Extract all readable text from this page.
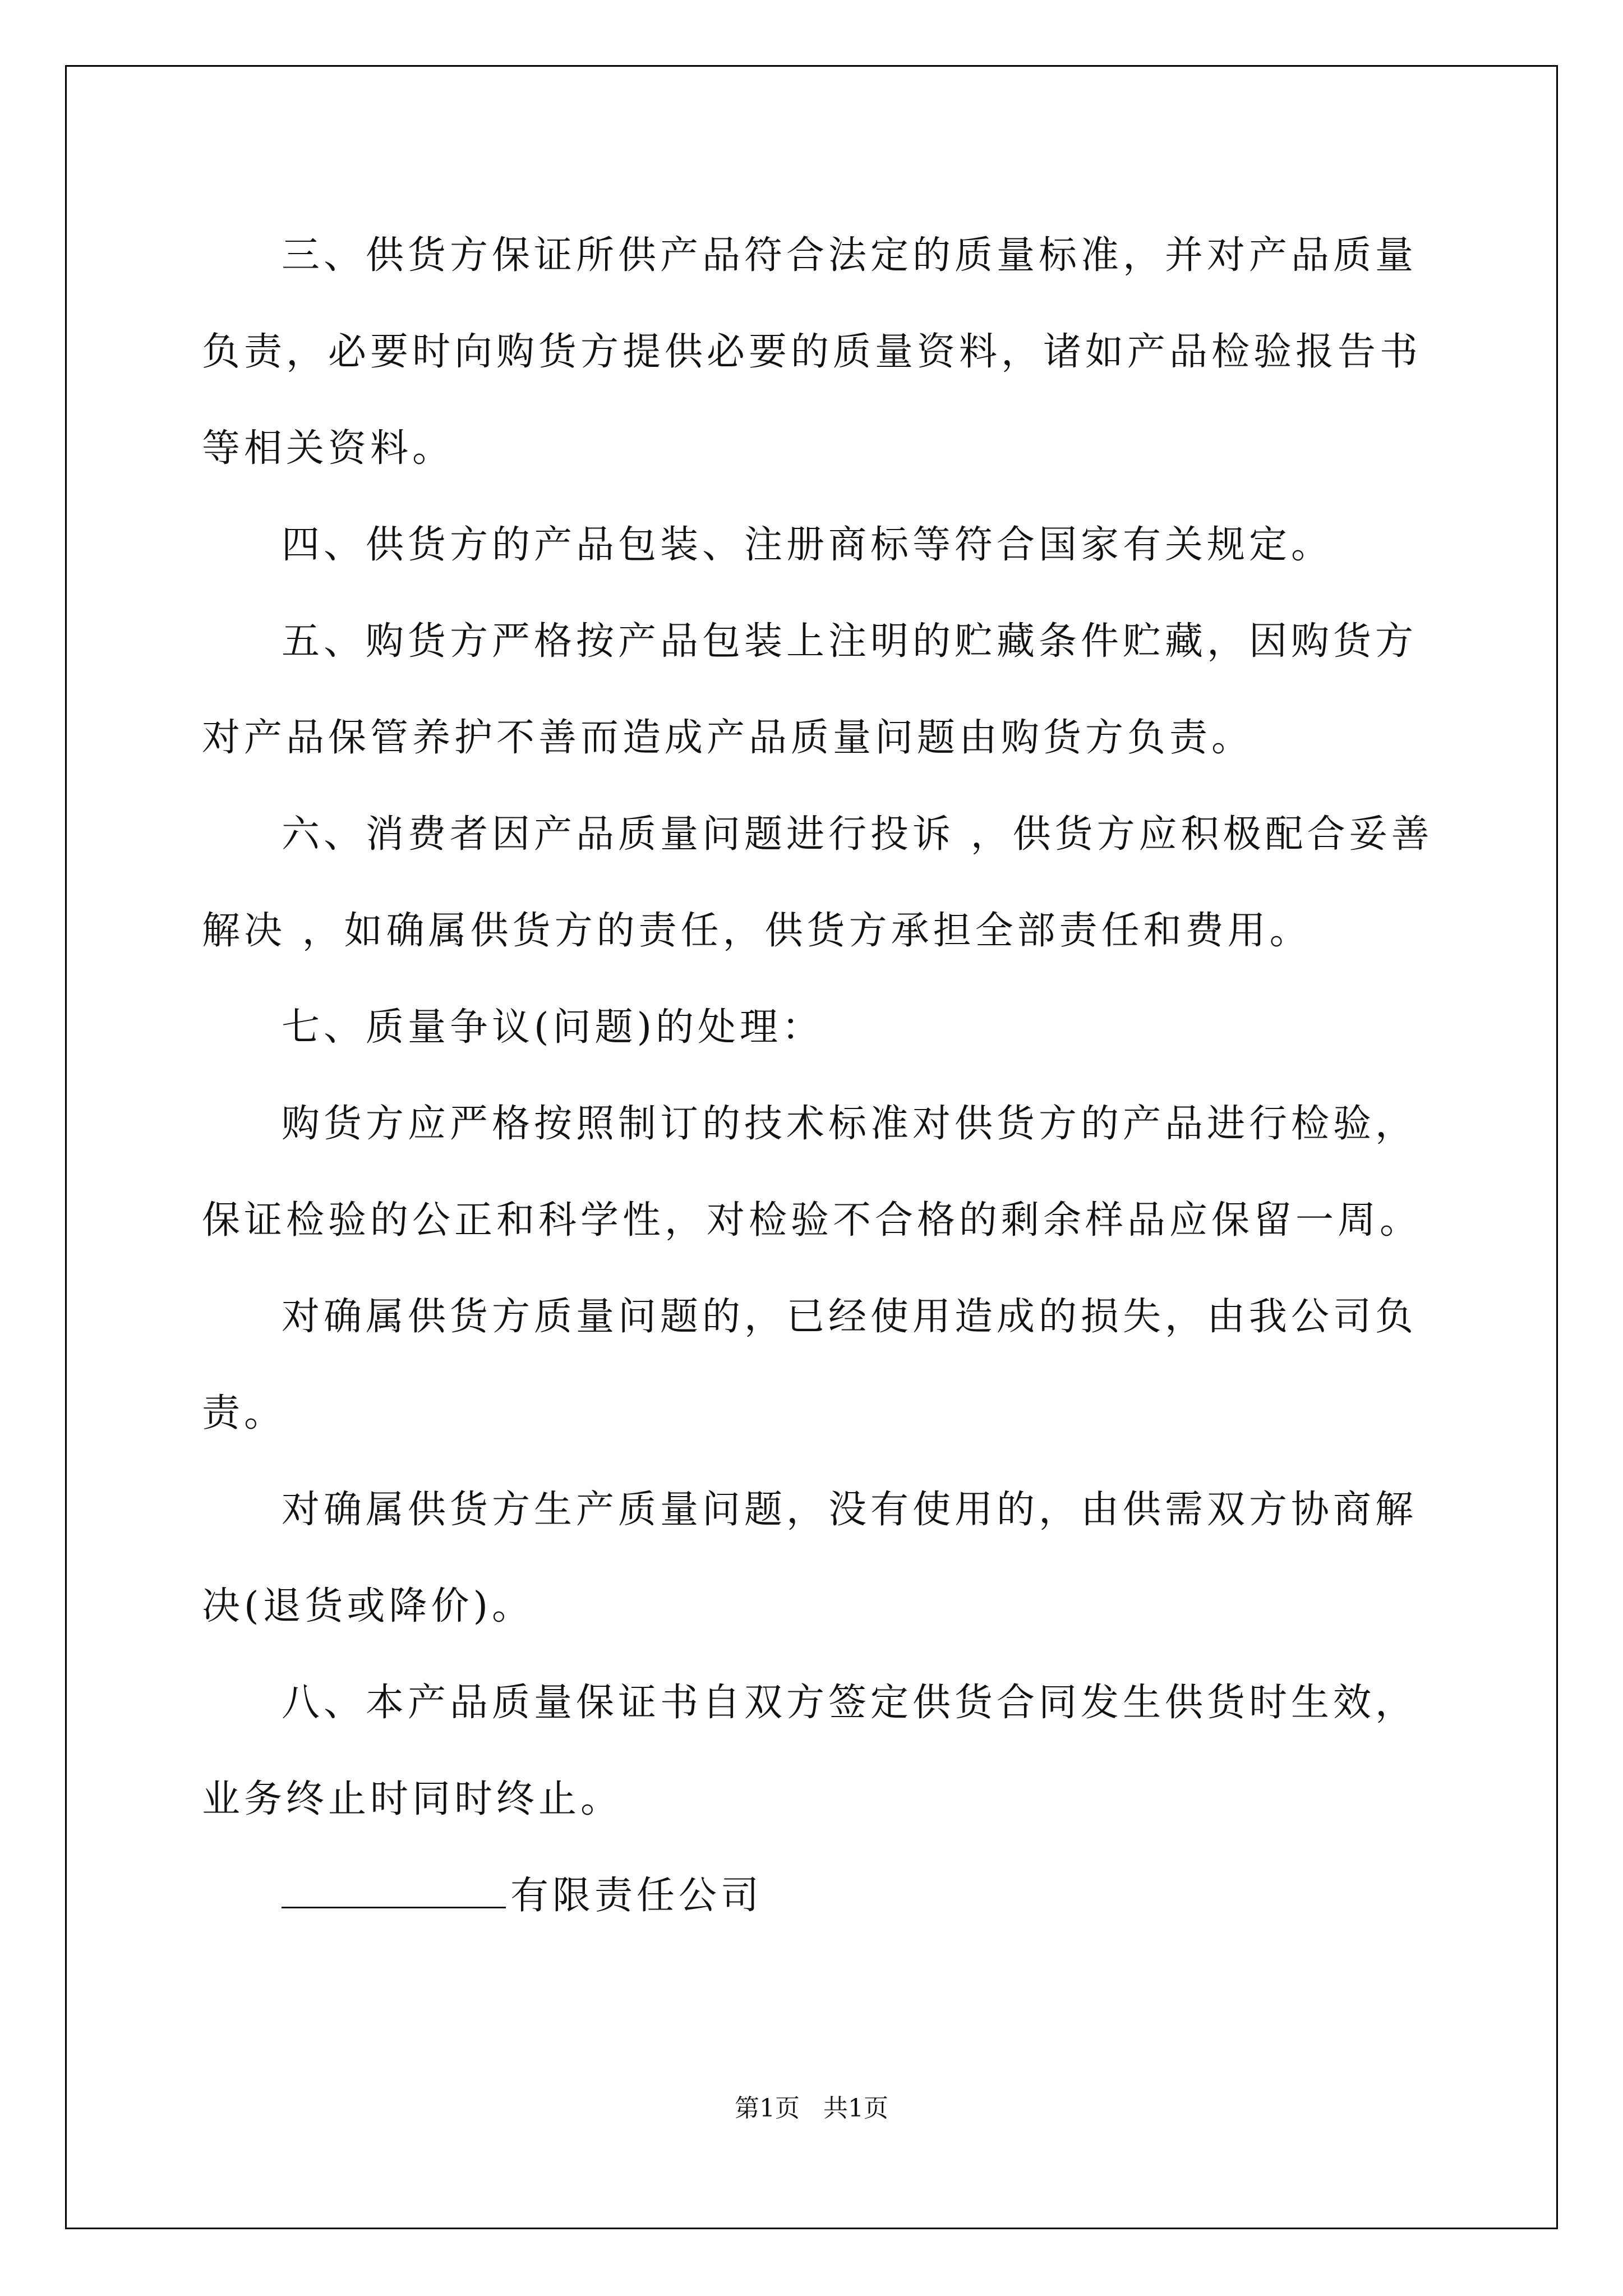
三、供货方保证所供产品符合法定的质量标准，并对产品质量负责，必要时向购货方提供必要的质量资料，诸如产品检验报告书等相关资料。

四、供货方的产品包装、注册商标等符合国家有关规定。

五、购货方严格按产品包装上注明的贮藏条件贮藏，因购货方对产品保管养护不善而造成产品质量问题由购货方负责。

六、消费者因产品质量问题进行投诉 ，供货方应积极配合妥善解决 ，如确属供货方的责任，供货方承担全部责任和费用。

七、质量争议(问题)的处理：

购货方应严格按照制订的技术标准对供货方的产品进行检验，保证检验的公正和科学性，对检验不合格的剩余样品应保留一周。

对确属供货方质量问题的，已经使用造成的损失，由我公司负责。

对确属供货方生产质量问题，没有使用的，由供需双方协商解决(退货或降价)。

八、本产品质量保证书自双方签定供货合同发生供货时生效，业务终止时同时终止。

有限责任公司

第1页 共1页
